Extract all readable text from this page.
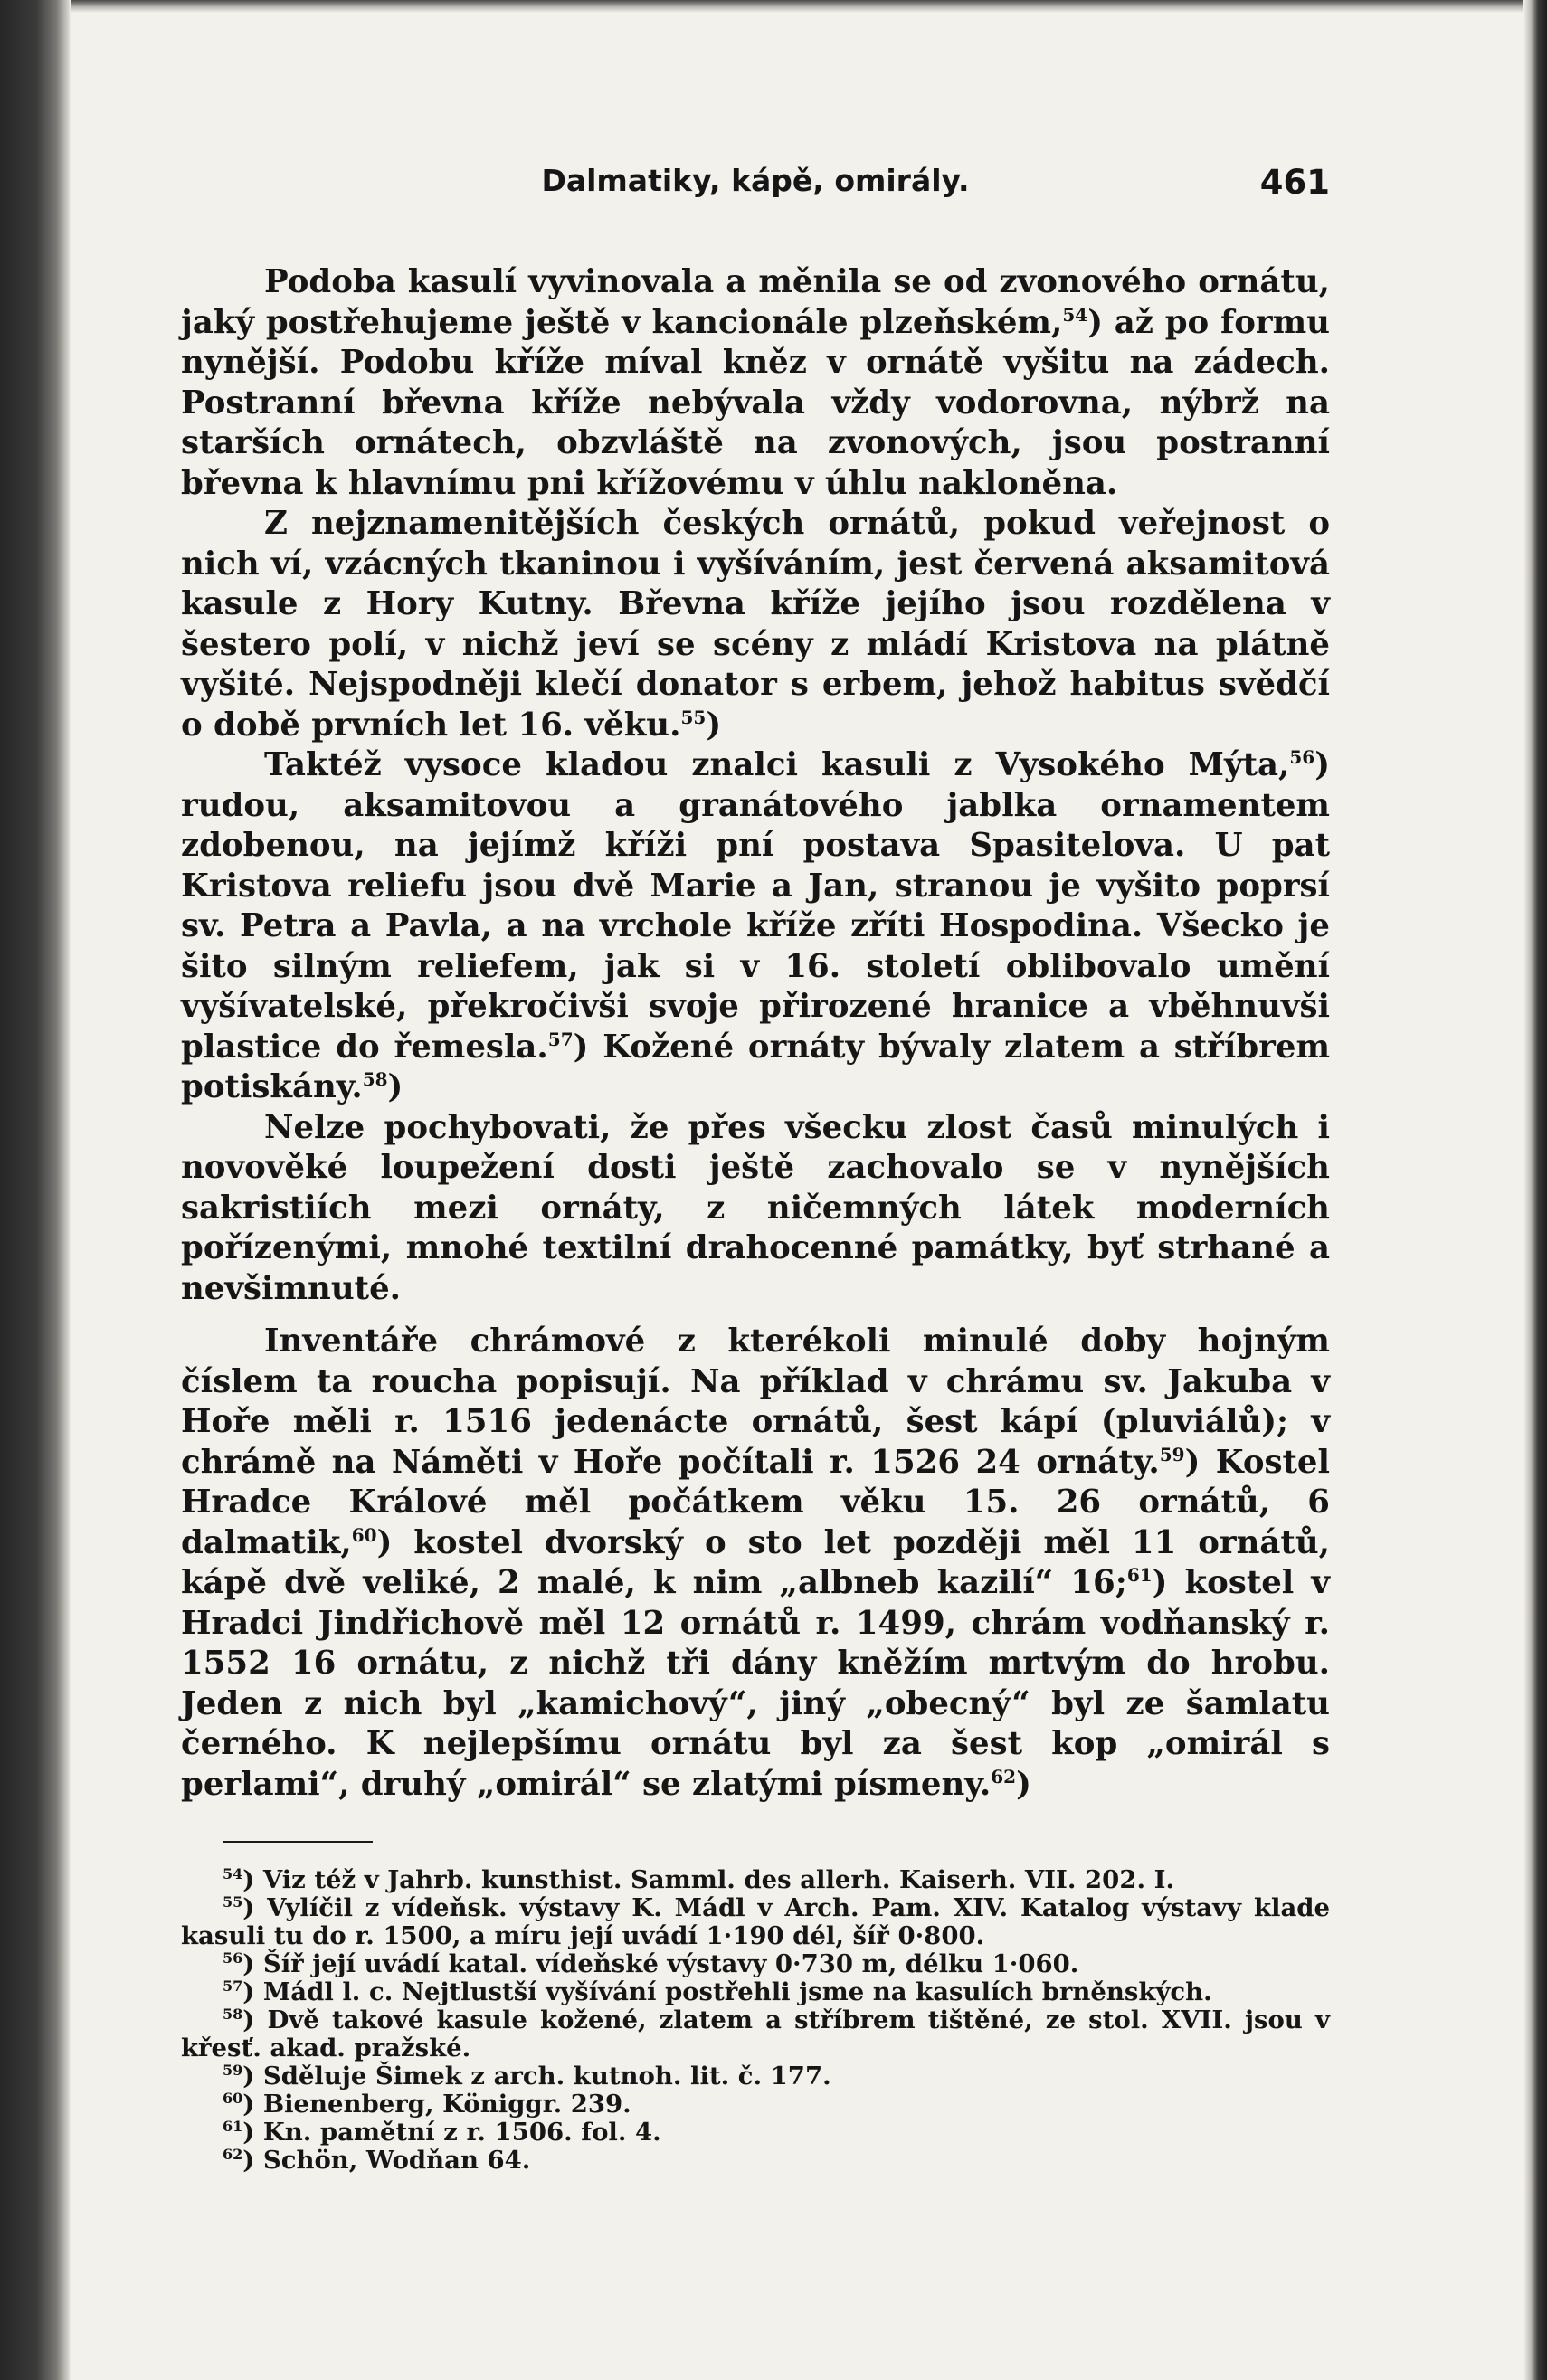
Dalmatiky, kápě, omirály.	461

Podoba kasulí vyvinovala a měnila se od zvonového ornátu, jaký postřehujeme ještě v kancionále plzeňském,$^{54}$) až po formu nynější. Podobu kříže míval kněz v ornátě vyšitu na zádech. Postranní břevna kříže nebývala vždy vodorovna, nýbrž na starších ornátech, obzvláště na zvonových, jsou postranní břevna k hlavnímu pni křížovému v úhlu nakloněna.

Z nejznamenitějších českých ornátů, pokud veřejnost o nich ví, vzácných tkaninou i vyšíváním, jest červená aksamitová kasule z Hory Kutny. Břevna kříže jejího jsou rozdělena v šestero polí, v nichž jeví se scény z mládí Kristova na plátně vyšité. Nejspodněji klečí donator s erbem, jehož habitus svědčí o době prvních let 16. věku.$^{55}$)

Taktéž vysoce kladou znalci kasuli z Vysokého Mýta,$^{56}$) rudou, aksamitovou a granátového jablka ornamentem zdobenou, na jejímž kříži pní postava Spasitelova. U pat Kristova reliefu jsou dvě Marie a Jan, stranou je vyšito poprsí sv. Petra a Pavla, a na vrchole kříže zříti Hospodina. Všecko je šito silným reliefem, jak si v 16. století oblibovalo umění vyšívatelské, překročivši svoje přirozené hranice a vběhnuvši plastice do řemesla.$^{57}$) Kožené ornáty bývaly zlatem a stříbrem potiskány.$^{58}$)

Nelze pochybovati, že přes všecku zlost časů minulých i novověké loupežení dosti ještě zachovalo se v nynějších sakristiích mezi ornáty, z ničemných látek moderních pořízenými, mnohé textilní drahocenné památky, byť strhané a nevšimnuté.

Inventáře chrámové z kterékoli minulé doby hojným číslem ta roucha popisují. Na příklad v chrámu sv. Jakuba v Hoře měli r. 1516 jedenácte ornátů, šest kápí (pluviálů); v chrámě na Náměti v Hoře počítali r. 1526 24 ornáty.$^{59}$) Kostel Hradce Králové měl počátkem věku 15. 26 ornátů, 6 dalmatik,$^{60}$) kostel dvorský o sto let později měl 11 ornátů, kápě dvě veliké, 2 malé, k nim „albneb kazilí“ 16;$^{61}$) kostel v Hradci Jindřichově měl 12 ornátů r. 1499, chrám vodňanský r. 1552 16 ornátu, z nichž tři dány kněžím mrtvým do hrobu. Jeden z nich byl „kamichový“, jiný „obecný“ byl ze šamlatu černého. K nejlepšímu ornátu byl za šest kop „omirál s perlami“, druhý „omirál“ se zlatými písmeny.$^{62}$)

$^{54}$) Viz též v Jahrb. kunsthist. Samml. des allerh. Kaiserh. VII. 202. I.

$^{55}$) Vylíčil z vídeňsk. výstavy K. Mádl v Arch. Pam. XIV. Katalog výstavy klade kasuli tu do r. 1500, a míru její uvádí 1·190 dél, šíř 0·800.

$^{56}$) Šíř její uvádí katal. vídeňské výstavy 0·730 m, délku 1·060.

$^{57}$) Mádl l. c. Nejtlustší vyšívání postřehli jsme na kasulích brněnských.

$^{58}$) Dvě takové kasule kožené, zlatem a stříbrem tištěné, ze stol. XVII. jsou v křesť. akad. pražské.

$^{59}$) Sděluje Šimek z arch. kutnoh. lit. č. 177.

$^{60}$) Bienenberg, Königgr. 239.

$^{61}$) Kn. pamětní z r. 1506. fol. 4.

$^{62}$) Schön, Wodňan 64.
